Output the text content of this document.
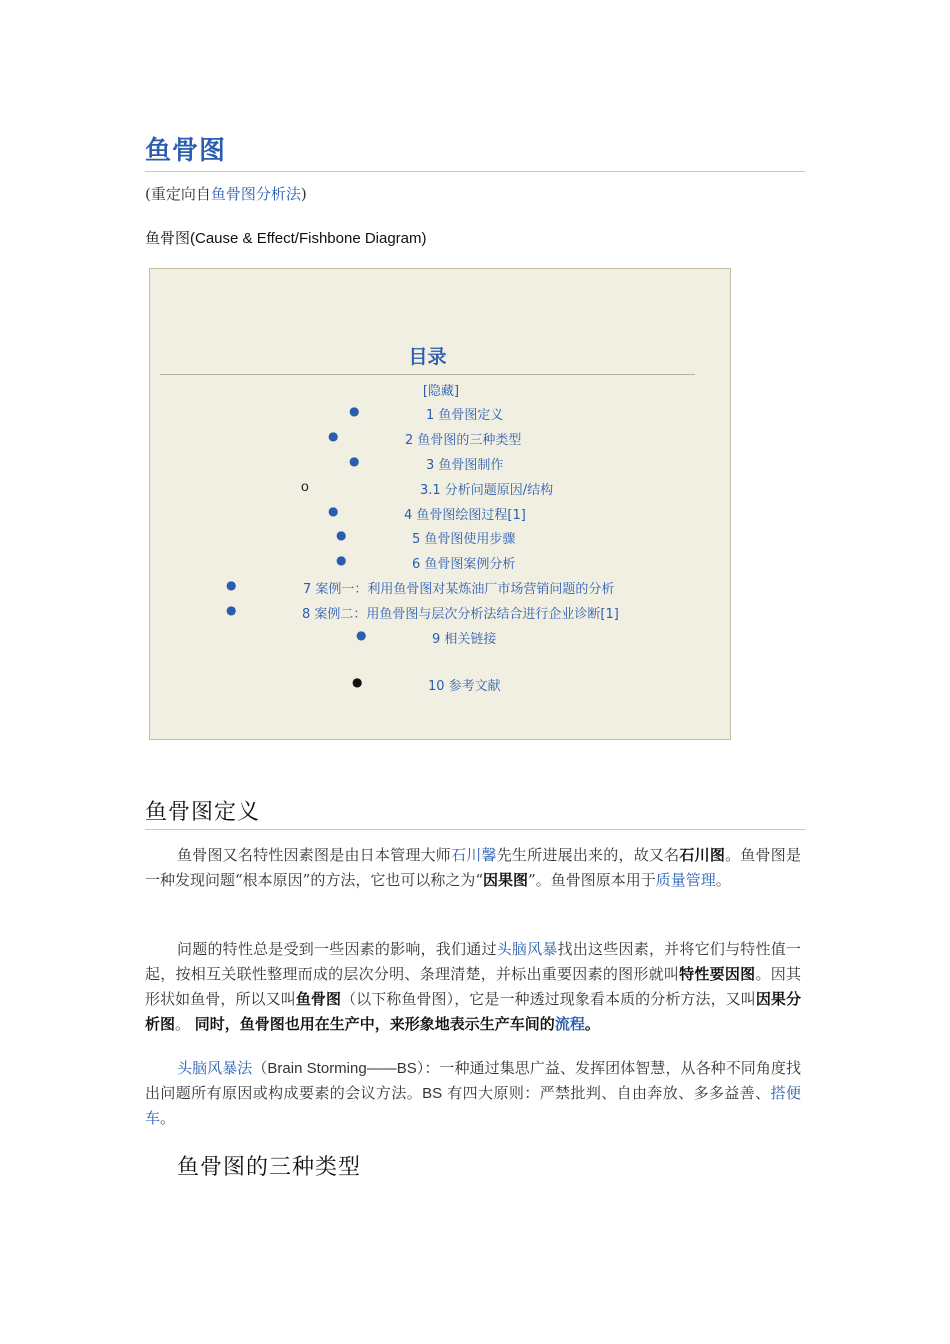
鱼骨图
(重定向自鱼骨图分析法)
鱼骨图(Cause & Effect/Fishbone Diagram)
目录
[隐藏]
●	1 鱼骨图定义
●	2 鱼骨图的三种类型
●	3 鱼骨图制作
o	3.1 分析问题原因/结构
●	4 鱼骨图绘图过程[1]
●	5 鱼骨图使用步骤
●	6 鱼骨图案例分析
●	7 案例一：利用鱼骨图对某炼油厂市场营销问题的分析
●	8 案例二：用鱼骨图与层次分析法结合进行企业诊断[1]
●	9 相关链接
●	10 参考文献
鱼骨图定义
鱼骨图又名特性因素图是由日本管理大师石川馨先生所进展出来的，故又名石川图。鱼骨图是一种发现问题“根本原因”的方法，它也可以称之为“因果图”。鱼骨图原本用于质量管理。
问题的特性总是受到一些因素的影响，我们通过头脑风暴找出这些因素，并将它们与特性值一起，按相互关联性整理而成的层次分明、条理清楚，并标出重要因素的图形就叫特性要因图。因其形状如鱼骨，所以又叫鱼骨图（以下称鱼骨图），它是一种透过现象看本质的分析方法，又叫因果分析图。 同时，鱼骨图也用在生产中，来形象地表示生产车间的流程。
头脑风暴法（Brain Storming——BS）：一种通过集思广益、发挥团体智慧，从各种不同角度找出问题所有原因或构成要素的会议方法。BS 有四大原则：严禁批判、自由奔放、多多益善、搭便车。
鱼骨图的三种类型
